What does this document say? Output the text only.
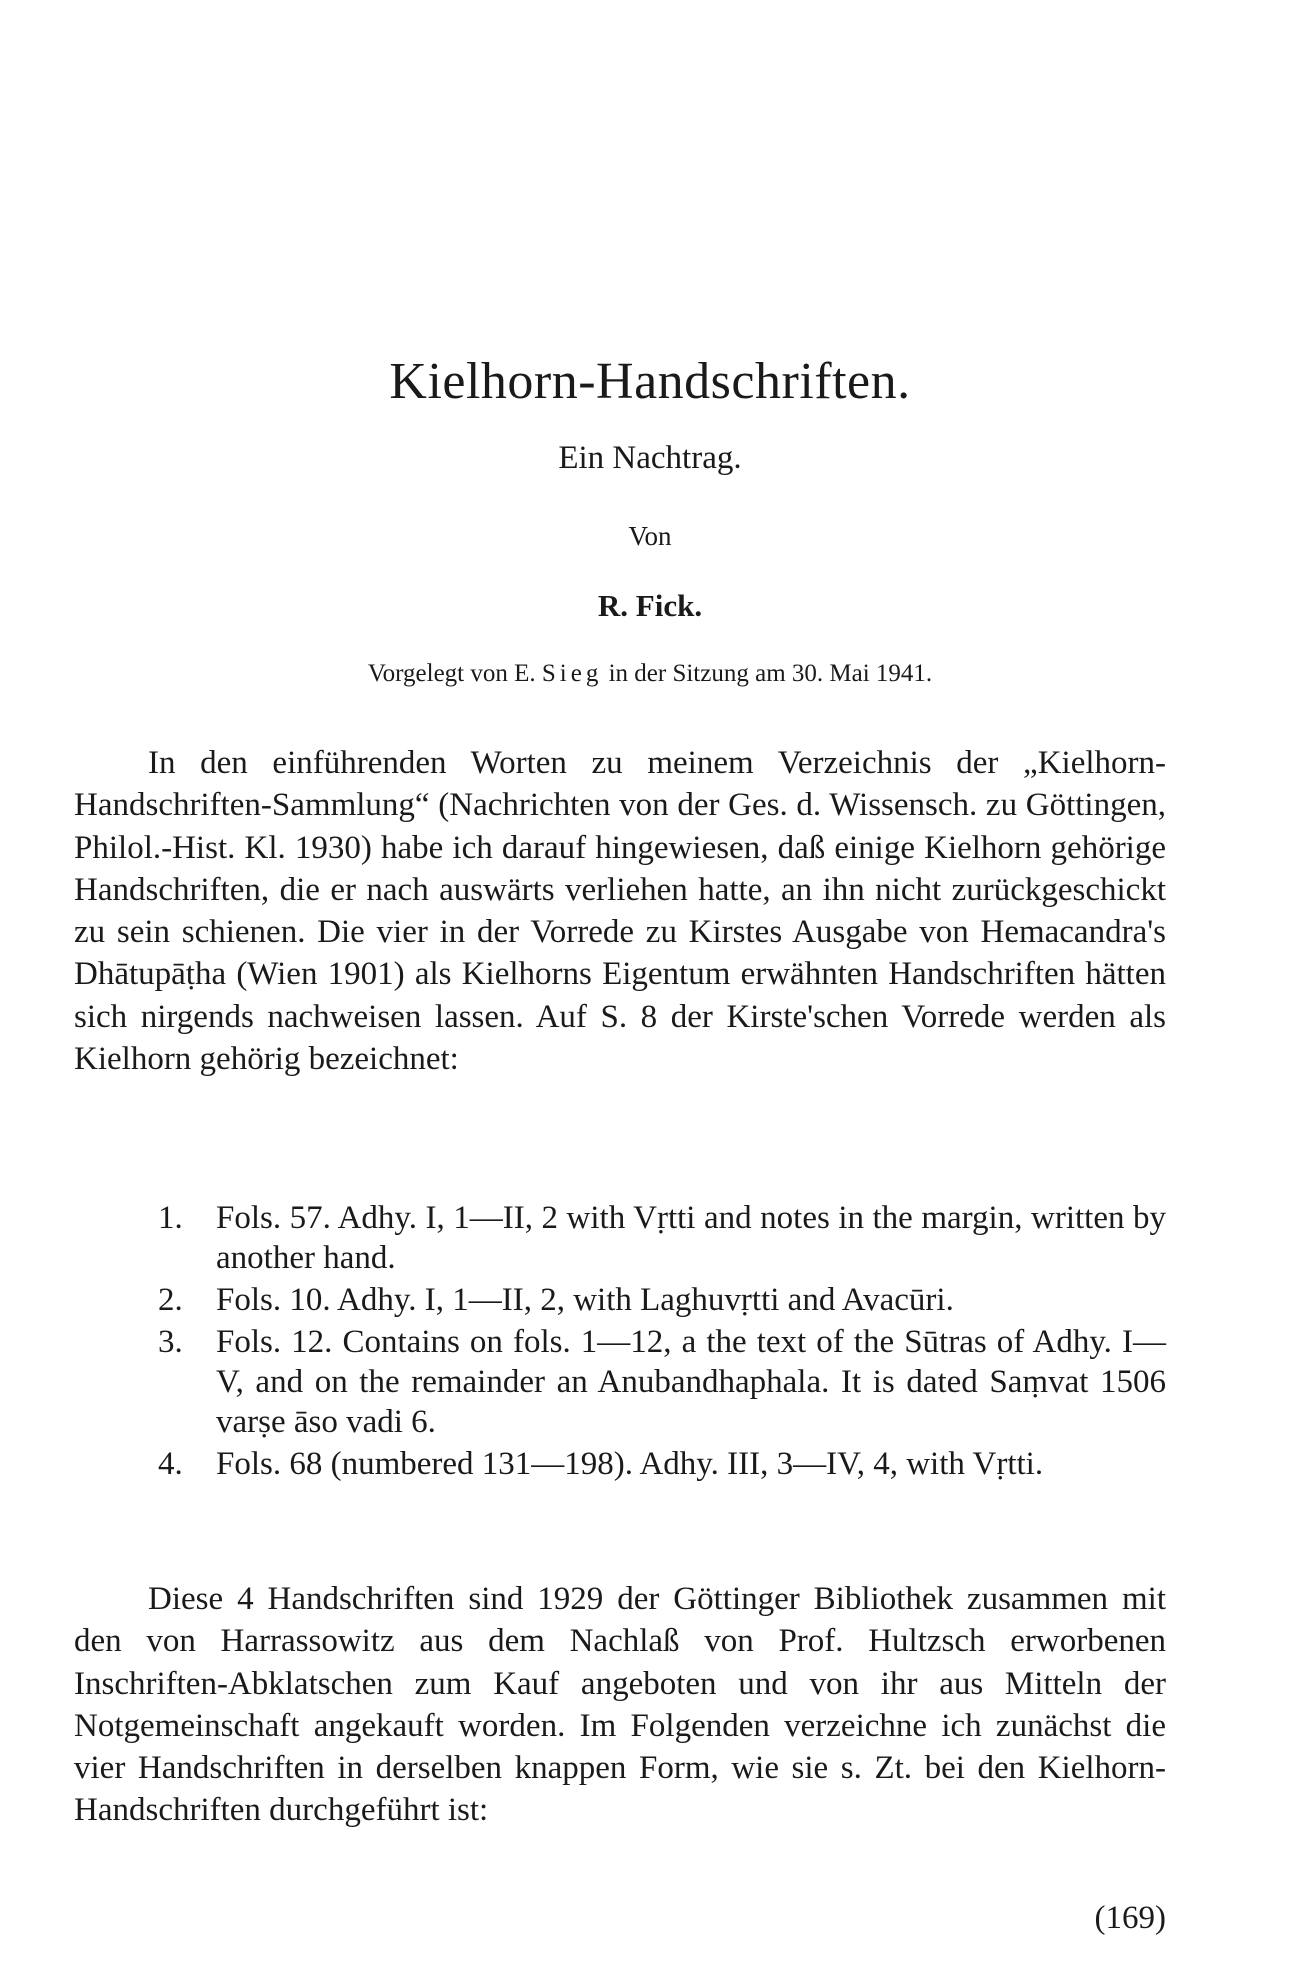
Kielhorn-Handschriften.
Ein Nachtrag.
Von
R. Fick.
Vorgelegt von E. Sieg in der Sitzung am 30. Mai 1941.

In den einführenden Worten zu meinem Verzeichnis der „Kielhorn-Handschriften-Sammlung“ (Nachrichten von der Ges. d. Wissensch. zu Göttingen, Philol.-Hist. Kl. 1930) habe ich darauf hingewiesen, daß einige Kielhorn gehörige Handschriften, die er nach auswärts verliehen hatte, an ihn nicht zurückgeschickt zu sein schienen. Die vier in der Vorrede zu Kirstes Ausgabe von Hemacandra's Dhātupāṭha (Wien 1901) als Kielhorns Eigentum erwähnten Handschriften hätten sich nirgends nachweisen lassen. Auf S. 8 der Kirste'schen Vorrede werden als Kielhorn gehörig bezeichnet:

1. Fols. 57. Adhy. I, 1—II, 2 with Vṛtti and notes in the margin, written by another hand.
2. Fols. 10. Adhy. I, 1—II, 2, with Laghuvṛtti and Avacūri.
3. Fols. 12. Contains on fols. 1—12, a the text of the Sūtras of Adhy. I—V, and on the remainder an Anubandhaphala. It is dated Saṃvat 1506 varṣe āso vadi 6.
4. Fols. 68 (numbered 131—198). Adhy. III, 3—IV, 4, with Vṛtti.

Diese 4 Handschriften sind 1929 der Göttinger Bibliothek zusammen mit den von Harrassowitz aus dem Nachlaß von Prof. Hultzsch erworbenen Inschriften-Abklatschen zum Kauf angeboten und von ihr aus Mitteln der Notgemeinschaft angekauft worden. Im Folgenden verzeichne ich zunächst die vier Handschriften in derselben knappen Form, wie sie s. Zt. bei den Kielhorn-Handschriften durchgeführt ist:

(169)
